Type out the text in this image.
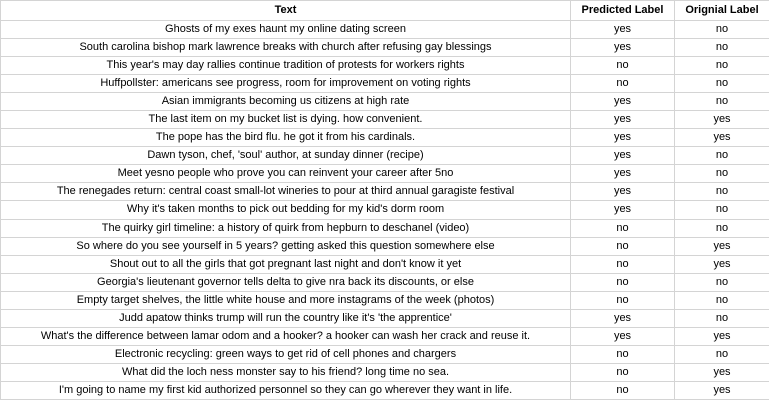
Text	Predicted Label	Orignial Label
Ghosts of my exes haunt my online dating screen	yes	no
South carolina bishop mark lawrence breaks with church after refusing gay blessings	yes	no
This year's may day rallies continue tradition of protests for workers rights	no	no
Huffpollster: americans see progress, room for improvement on voting rights	no	no
Asian immigrants becoming us citizens at high rate	yes	no
The last item on my bucket list is dying. how convenient.	yes	yes
The pope has the bird flu. he got it from his cardinals.	yes	yes
Dawn tyson, chef, 'soul' author, at sunday dinner (recipe)	yes	no
Meet yesno people who prove you can reinvent your career after 5no	yes	no
The renegades return: central coast small-lot wineries to pour at third annual garagiste festival	yes	no
Why it's taken months to pick out bedding for my kid's dorm room	yes	no
The quirky girl timeline: a history of quirk from hepburn to deschanel (video)	no	no
So where do you see yourself in 5 years? getting asked this question somewhere else	no	yes
Shout out to all the girls that got pregnant last night and don't know it yet	no	yes
Georgia's lieutenant governor tells delta to give nra back its discounts, or else	no	no
Empty target shelves, the little white house and more instagrams of the week (photos)	no	no
Judd apatow thinks trump will run the country like it's 'the apprentice'	yes	no
What's the difference between lamar odom and a hooker? a hooker can wash her crack and reuse it.	yes	yes
Electronic recycling: green ways to get rid of cell phones and chargers	no	no
What did the loch ness monster say to his friend? long time no sea.	no	yes
I'm going to name my first kid authorized personnel so they can go wherever they want in life.	no	yes
